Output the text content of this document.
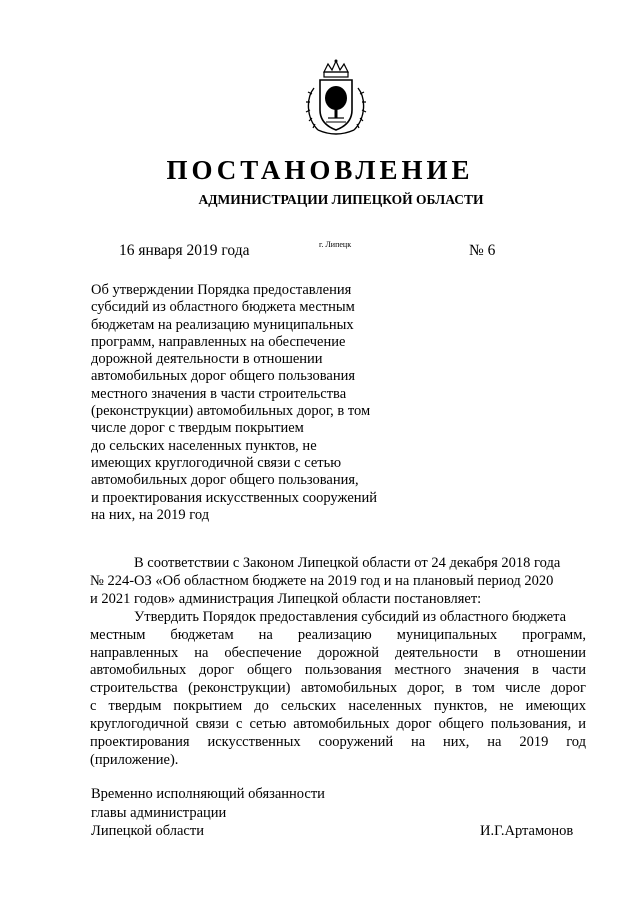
ПОСТАНОВЛЕНИЕ
АДМИНИСТРАЦИИ ЛИПЕЦКОЙ ОБЛАСТИ
16 января 2019 года	г. Липецк	№ 6
Об утверждении Порядка предоставления
субсидий из областного бюджета местным
бюджетам на реализацию муниципальных
программ, направленных на обеспечение
дорожной деятельности в отношении
автомобильных дорог общего пользования
местного значения в части строительства
(реконструкции) автомобильных дорог, в том
числе дорог с твердым покрытием
до сельских населенных пунктов, не
имеющих круглогодичной связи с сетью
автомобильных дорог общего пользования,
и проектирования искусственных сооружений
на них, на 2019 год
В соответствии с Законом Липецкой области от 24 декабря 2018 года
№ 224-ОЗ «Об областном бюджете на 2019 год и на плановый период 2020
и 2021 годов» администрация Липецкой области постановляет:
Утвердить Порядок предоставления субсидий из областного бюджета
местным бюджетам на реализацию муниципальных программ,
направленных на обеспечение дорожной деятельности в отношении
автомобильных дорог общего пользования местного значения в части
строительства (реконструкции) автомобильных дорог, в том числе дорог
с твердым покрытием до сельских населенных пунктов, не имеющих
круглогодичной связи с сетью автомобильных дорог общего пользования, и
проектирования искусственных сооружений на них, на 2019 год
(приложение).
Временно исполняющий обязанности
главы администрации
Липецкой области	И.Г.Артамонов
